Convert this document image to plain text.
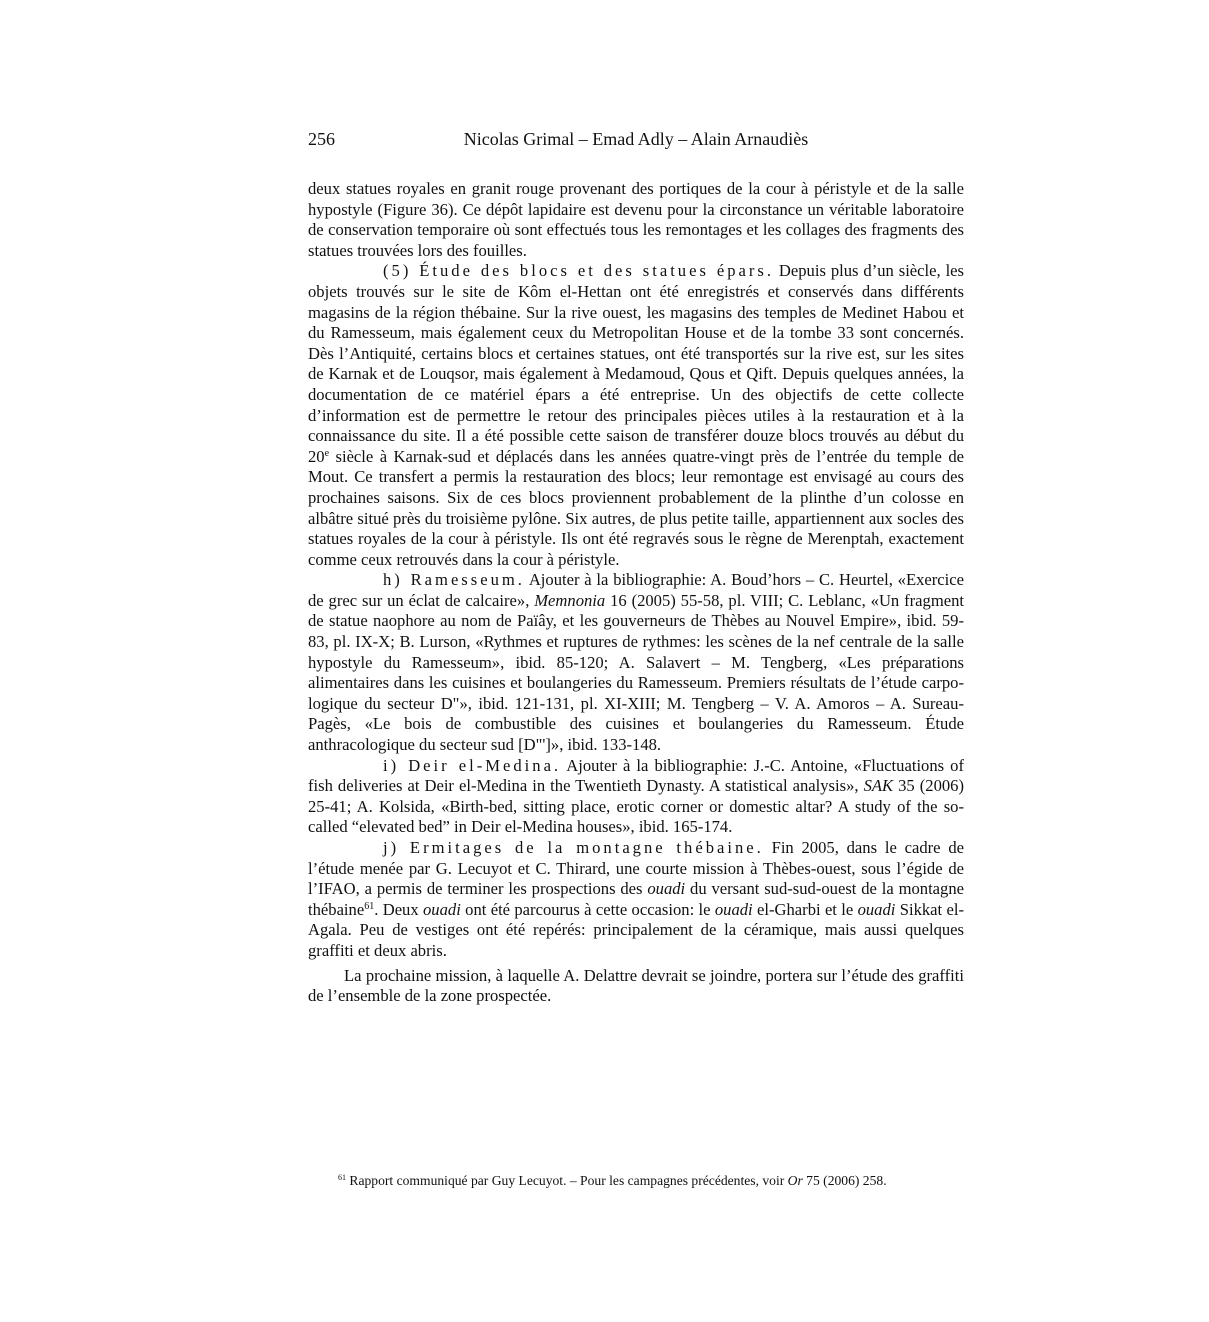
256	Nicolas Grimal – Emad Adly – Alain Arnaudiès

deux statues royales en granit rouge provenant des portiques de la cour à péristyle et de la salle hypostyle (Figure 36). Ce dépôt lapidaire est devenu pour la circonstance un véritable laboratoire de conservation temporaire où sont effectués tous les remontages et les collages des fragments des statues trouvées lors des fouilles.

(5) Étude des blocs et des statues épars. Depuis plus d’un siècle, les objets trouvés sur le site de Kôm el-Hettan ont été enregistrés et conservés dans différents magasins de la région thébaine. Sur la rive ouest, les magasins des temples de Medinet Habou et du Ramesseum, mais également ceux du Metropolitan House et de la tombe 33 sont concernés. Dès l’Antiquité, certains blocs et certaines statues, ont été transportés sur la rive est, sur les sites de Karnak et de Louqsor, mais également à Medamoud, Qous et Qift. Depuis quelques années, la documentation de ce matériel épars a été entreprise. Un des objectifs de cette collecte d’information est de permettre le retour des principales pièces utiles à la restauration et à la connaissance du site. Il a été possible cette saison de transférer douze blocs trouvés au début du 20e siècle à Karnak-sud et déplacés dans les années quatre-vingt près de l’entrée du temple de Mout. Ce transfert a permis la restauration des blocs; leur remontage est envisagé au cours des prochaines saisons. Six de ces blocs proviennent probablement de la plinthe d’un colosse en albâtre situé près du troisième pylône. Six autres, de plus petite taille, appartiennent aux socles des statues royales de la cour à péristyle. Ils ont été regravés sous le règne de Merenptah, exactement comme ceux retrouvés dans la cour à péristyle.

h) Ramesseum. Ajouter à la bibliographie: A. Boud’hors – C. Heurtel, «Exercice de grec sur un éclat de calcaire», Memnonia 16 (2005) 55-58, pl. VIII; C. Leblanc, «Un fragment de statue naophore au nom de Païây, et les gouverneurs de Thèbes au Nouvel Empire», ibid. 59-83, pl. IX-X; B. Lurson, «Rythmes et ruptures de rythmes: les scènes de la nef centrale de la salle hypostyle du Ramesseum», ibid. 85-120; A. Salavert – M. Tengberg, «Les préparations alimentaires dans les cuisines et boulangeries du Ramesseum. Premiers résultats de l’étude carpologique du secteur D"», ibid. 121-131, pl. XI-XIII; M. Tengberg – V. A. Amoros – A. Sureau-Pagès, «Le bois de combustible des cuisines et boulangeries du Ramesseum. Étude anthracologique du secteur sud [D"']», ibid. 133-148.

i) Deir el-Medina. Ajouter à la bibliographie: J.-C. Antoine, «Fluctuations of fish deliveries at Deir el-Medina in the Twentieth Dynasty. A statistical analysis», SAK 35 (2006) 25-41; A. Kolsida, «Birth-bed, sitting place, erotic corner or domestic altar? A study of the so-called “elevated bed” in Deir el-Medina houses», ibid. 165-174.

j) Ermitages de la montagne thébaine. Fin 2005, dans le cadre de l’étude menée par G. Lecuyot et C. Thirard, une courte mission à Thèbes-ouest, sous l’égide de l’IFAO, a permis de terminer les prospections des ouadi du versant sud-sud-ouest de la montagne thébaine$^{61}$. Deux ouadi ont été parcourus à cette occasion: le ouadi el-Gharbi et le ouadi Sikkat el-Agala. Peu de vestiges ont été repérés: principalement de la céramique, mais aussi quelques graffiti et deux abris.

La prochaine mission, à laquelle A. Delattre devrait se joindre, portera sur l’étude des graffiti de l’ensemble de la zone prospectée.

$^{61}$ Rapport communiqué par Guy Lecuyot. – Pour les campagnes précédentes, voir Or 75 (2006) 258.
